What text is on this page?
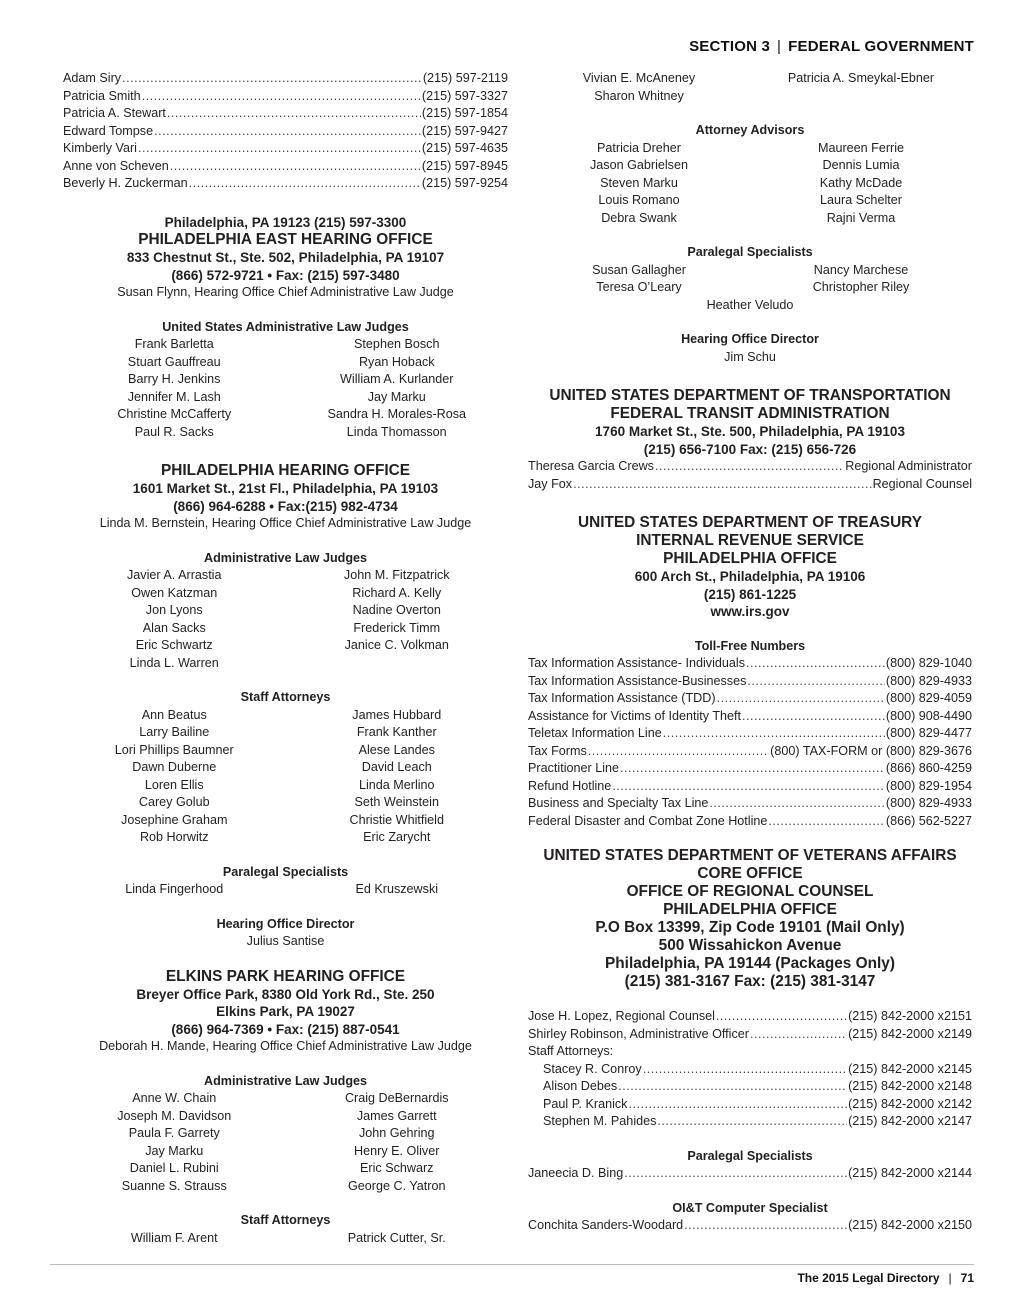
SECTION 3 | FEDERAL GOVERNMENT
Adam Siry .....	(215) 597-2119
Patricia Smith .....	(215) 597-3327
Patricia A. Stewart .....	(215) 597-1854
Edward Tompse .....	(215) 597-9427
Kimberly Vari .....	(215) 597-4635
Anne von Scheven .....	(215) 597-8945
Beverly H. Zuckerman .....	(215) 597-9254
Philadelphia, PA 19123 (215) 597-3300
PHILADELPHIA EAST HEARING OFFICE
833 Chestnut St., Ste. 502, Philadelphia, PA 19107
(866) 572-9721 • Fax: (215) 597-3480
Susan Flynn, Hearing Office Chief Administrative Law Judge
United States Administrative Law Judges
Frank Barletta	Stephen Bosch
Stuart Gauffreau	Ryan Hoback
Barry H. Jenkins	William A. Kurlander
Jennifer M. Lash	Jay Marku
Christine McCafferty	Sandra H. Morales-Rosa
Paul R. Sacks	Linda Thomasson
PHILADELPHIA HEARING OFFICE
1601 Market St., 21st Fl., Philadelphia, PA 19103
(866) 964-6288 • Fax:(215) 982-4734
Linda M. Bernstein, Hearing Office Chief Administrative Law Judge
Administrative Law Judges
Javier A. Arrastia	John M. Fitzpatrick
Owen Katzman	Richard A. Kelly
Jon Lyons	Nadine Overton
Alan Sacks	Frederick Timm
Eric Schwartz	Janice C. Volkman
Linda L. Warren
Staff Attorneys
Ann Beatus	James Hubbard
Larry Bailine	Frank Kanther
Lori Phillips Baumner	Alese Landes
Dawn Duberne	David Leach
Loren Ellis	Linda Merlino
Carey Golub	Seth Weinstein
Josephine Graham	Christie Whitfield
Rob Horwitz	Eric Zarycht
Paralegal Specialists
Linda Fingerhood	Ed Kruszewski
Hearing Office Director
Julius Santise
ELKINS PARK HEARING OFFICE
Breyer Office Park, 8380 Old York Rd., Ste. 250
Elkins Park, PA 19027
(866) 964-7369 • Fax: (215) 887-0541
Deborah H. Mande, Hearing Office Chief Administrative Law Judge
Administrative Law Judges
Anne W. Chain	Craig DeBernardis
Joseph M. Davidson	James Garrett
Paula F. Garrety	John Gehring
Jay Marku	Henry E. Oliver
Daniel L. Rubini	Eric Schwarz
Suanne S. Strauss	George C. Yatron
Staff Attorneys
William F. Arent	Patrick Cutter, Sr.
Vivian E. McAneney	Patricia A. Smeykal-Ebner
Sharon Whitney
Attorney Advisors
Patricia Dreher	Maureen Ferrie
Jason Gabrielsen	Dennis Lumia
Steven Marku	Kathy McDade
Louis Romano	Laura Schelter
Debra Swank	Rajni Verma
Paralegal Specialists
Susan Gallagher	Nancy Marchese
Teresa O’Leary	Christopher Riley
Heather Veludo
Hearing Office Director
Jim Schu
UNITED STATES DEPARTMENT OF TRANSPORTATION
FEDERAL TRANSIT ADMINISTRATION
1760 Market St., Ste. 500, Philadelphia, PA 19103
(215) 656-7100 Fax: (215) 656-726
Theresa Garcia Crews .....	Regional Administrator
Jay Fox .....	Regional Counsel
UNITED STATES DEPARTMENT OF TREASURY
INTERNAL REVENUE SERVICE
PHILADELPHIA OFFICE
600 Arch St., Philadelphia, PA 19106
(215) 861-1225
www.irs.gov
Toll-Free Numbers
Tax Information Assistance- Individuals .....	(800) 829-1040
Tax Information Assistance-Businesses .....	(800) 829-4933
Tax Information Assistance (TDD) .....	(800) 829-4059
Assistance for Victims of Identity Theft .....	(800) 908-4490
Teletax Information Line .....	(800) 829-4477
Tax Forms .....	(800) TAX-FORM or (800) 829-3676
Practitioner Line .....	(866) 860-4259
Refund Hotline .....	(800) 829-1954
Business and Specialty Tax Line .....	(800) 829-4933
Federal Disaster and Combat Zone Hotline .....	(866) 562-5227
UNITED STATES DEPARTMENT OF VETERANS AFFAIRS
CORE OFFICE
OFFICE OF REGIONAL COUNSEL
PHILADELPHIA OFFICE
P.O Box 13399, Zip Code 19101 (Mail Only)
500 Wissahickon Avenue
Philadelphia, PA 19144 (Packages Only)
(215) 381-3167 Fax: (215) 381-3147
Jose H. Lopez, Regional Counsel .....	(215) 842-2000 x2151
Shirley Robinson, Administrative Officer .....	(215) 842-2000 x2149
Staff Attorneys:
Stacey R. Conroy .....	(215) 842-2000 x2145
Alison Debes .....	(215) 842-2000 x2148
Paul P. Kranick .....	(215) 842-2000 x2142
Stephen M. Pahides .....	(215) 842-2000 x2147
Paralegal Specialists
Janeecia D. Bing .....	(215) 842-2000 x2144
OI&T Computer Specialist
Conchita Sanders-Woodard .....	(215) 842-2000 x2150
The 2015 Legal Directory | 71
